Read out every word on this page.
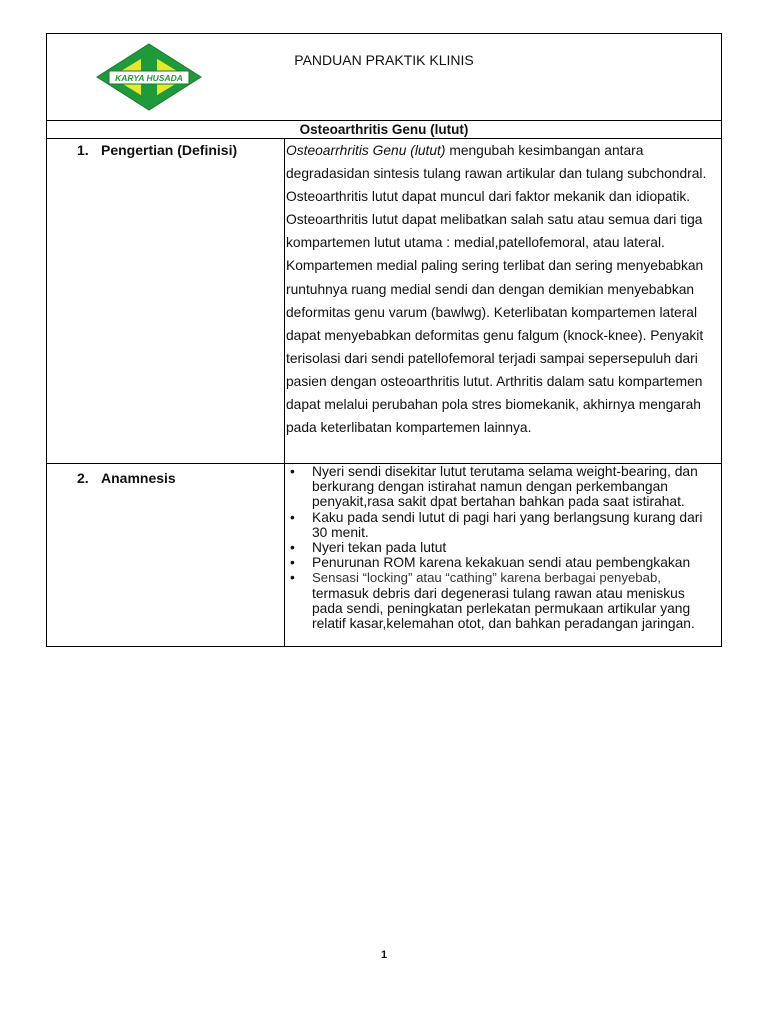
KARYA HUSADA
PANDUAN PRAKTIK KLINIS
Osteoarthritis Genu (lutut)
1. Pengertian (Definisi)	Osteoarrhritis Genu (lutut) mengubah kesimbangan antara degradasidan sintesis tulang rawan artikular dan tulang subchondral. Osteoarthritis lutut dapat muncul dari faktor mekanik dan idiopatik. Osteoarthritis lutut dapat melibatkan salah satu atau semua dari tiga kompartemen lutut utama : medial,patellofemoral, atau lateral. Kompartemen medial paling sering terlibat dan sering menyebabkan runtuhnya ruang medial sendi dan dengan demikian menyebabkan deformitas genu varum (bawlwg). Keterlibatan kompartemen lateral dapat menyebabkan deformitas genu falgum (knock-knee). Penyakit terisolasi dari sendi patellofemoral terjadi sampai sepersepuluh dari pasien dengan osteoarthritis lutut. Arthritis dalam satu kompartemen dapat melalui perubahan pola stres biomekanik, akhirnya mengarah pada keterlibatan kompartemen lainnya.
2. Anamnesis
•	Nyeri sendi disekitar lutut terutama selama weight-bearing, dan berkurang dengan istirahat namun dengan perkembangan penyakit,rasa sakit dpat bertahan bahkan pada saat istirahat.
• Kaku pada sendi lutut di pagi hari yang berlangsung kurang dari 30 menit.
• Nyeri tekan pada lutut
• Penurunan ROM karena kekakuan sendi atau pembengkakan
• Sensasi “locking” atau “cathing” karena berbagai penyebab,
termasuk debris dari degenerasi tulang rawan atau meniskus pada sendi, peningkatan perlekatan permukaan artikular yang relatif kasar,kelemahan otot, dan bahkan peradangan jaringan.
1
